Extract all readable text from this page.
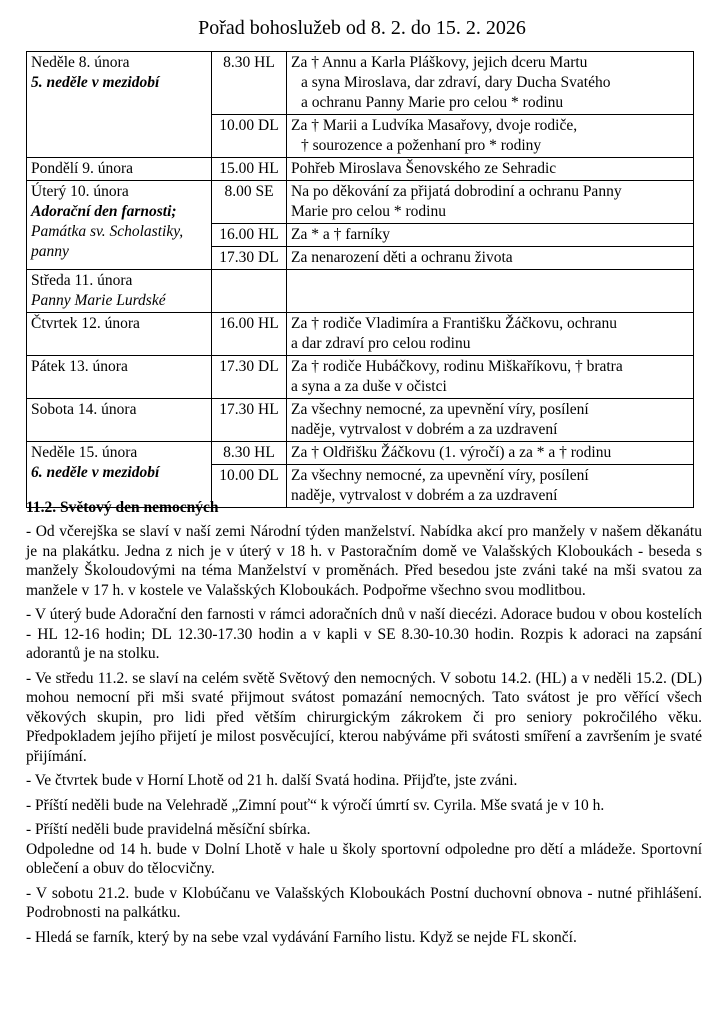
Pořad bohoslužeb od 8. 2. do 15. 2. 2026
Neděle 8. února
5. neděle v mezidobí	8.30 HL	Za † Annu a Karla Pláškovy, jejich dceru Martu
a syna Miroslava, dar zdraví, dary Ducha Svatého
a ochranu Panny Marie pro celou * rodinu

	10.00 DL	Za † Marii a Ludvíka Masařovy, dvoje rodiče,
† sourozence a poženhaní pro * rodiny

Pondělí 9. února	15.00 HL	Pohřeb Miroslava Šenovského ze Sehradic

Úterý 10. února
Adorační den farnosti;
Památka sv. Scholastiky, panny	8.00 SE	Na po děkování za přijatá dobrodiní a ochranu Panny
Marie pro celou * rodinu

	16.00 HL	Za * a † farníky
	17.30 DL	Za nenarození děti a ochranu života

Středa 11. února
Panny Marie Lurdské		

Čtvrtek 12. února	16.00 HL	Za † rodiče Vladimíra a Františku Žáčkovu, ochranu
a dar zdraví pro celou rodinu

Pátek 13. února	17.30 DL	Za † rodiče Hubáčkovy, rodinu Miškaříkovu, † bratra
a syna a za duše v očistci

Sobota 14. února	17.30 HL	Za všechny nemocné, za upevnění víry, posílení
naděje, vytrvalost v dobrém a za uzdravení

Neděle 15. února
6. neděle v mezidobí	8.30 HL	Za † Oldřišku Žáčkovu (1. výročí) a za * a † rodinu
	10.00 DL	Za všechny nemocné, za upevnění víry, posílení
naděje, vytrvalost v dobrém a za uzdravení
11.2. Světový den nemocných

- Od včerejška se slaví v naší zemi Národní týden manželství. Nabídka akcí pro manžely v našem děkanátu je na plakátku. Jedna z nich je v úterý v 18 h. v Pastoračním domě ve Valašských Kloboukách - beseda s manžely Školoudovými na téma Manželství v proměnách. Před besedou jste zváni také na mši svatou za manžele v 17 h. v kostele ve Valašských Kloboukách. Podpořme všechno svou modlitbou.

- V úterý bude Adorační den farnosti v rámci adoračních dnů v naší diecézi. Adorace budou v obou kostelích - HL 12-16 hodin; DL 12.30-17.30 hodin a v kapli v SE 8.30-10.30 hodin. Rozpis k adoraci na zapsání adorantů je na stolku.

- Ve středu 11.2. se slaví na celém světě Světový den nemocných. V sobotu 14.2. (HL) a v neděli 15.2. (DL) mohou nemocní při mši svaté přijmout svátost pomazání nemocných. Tato svátost je pro věřící všech věkových skupin, pro lidi před větším chirurgickým zákrokem či pro seniory pokročilého věku. Předpokladem jejího přijetí je milost posvěcující, kterou nabýváme při svátosti smíření a završením je svaté přijímání.

- Ve čtvrtek bude v Horní Lhotě od 21 h. další Svatá hodina. Přijďte, jste zváni.

- Příští neděli bude na Velehradě „Zimní pouť“ k výročí úmrtí sv. Cyrila. Mše svatá je v 10 h.

- Příští neděli bude pravidelná měsíční sbírka.

Odpoledne od 14 h. bude v Dolní Lhotě v hale u školy sportovní odpoledne pro dětí a mládeže. Sportovní oblečení a obuv do tělocvičny.

- V sobotu 21.2. bude v Klobúčanu ve Valašských Kloboukách Postní duchovní obnova - nutné přihlášení. Podrobnosti na palkátku.

- Hledá se farník, který by na sebe vzal vydávání Farního listu. Když se nejde FL skončí.
